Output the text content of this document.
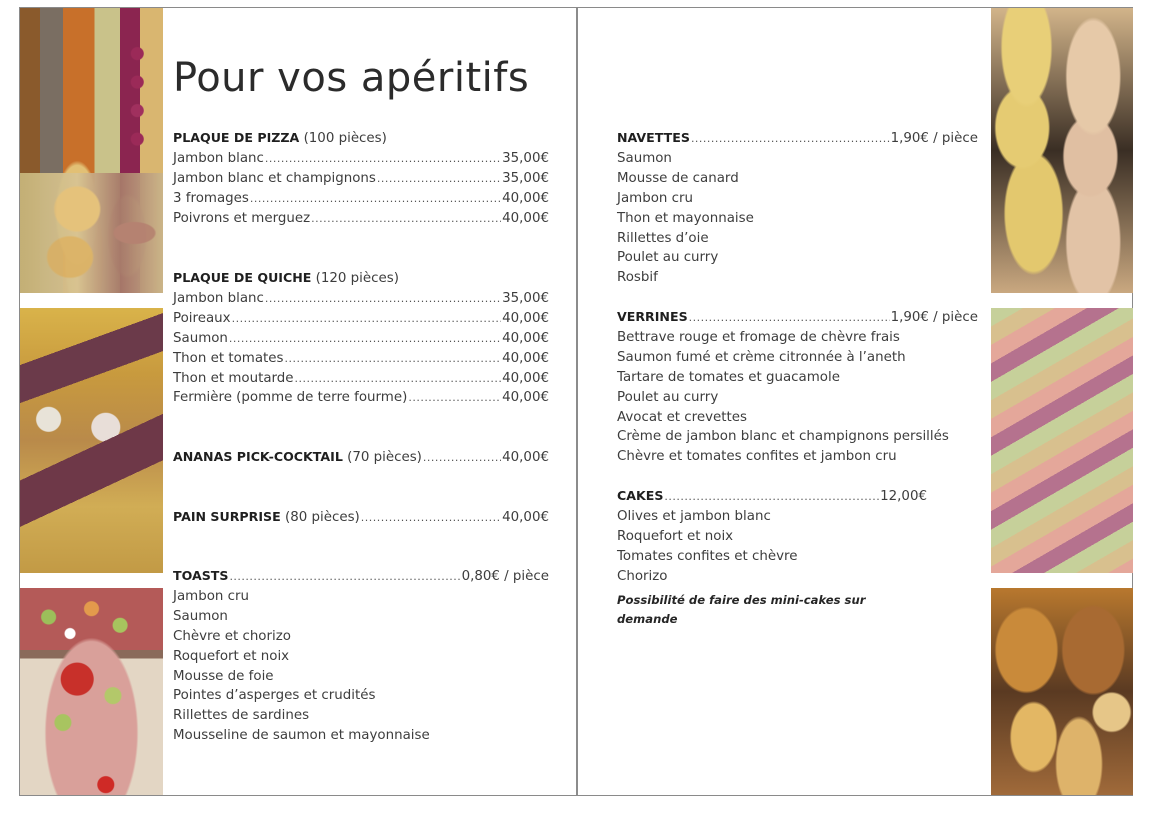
Pour vos apéritifs
PLAQUE DE PIZZA (100 pièces)
Jambon blanc .....	35,00€
Jambon blanc et champignons .....	35,00€
3 fromages .....	40,00€
Poivrons et merguez .....	40,00€
PLAQUE DE QUICHE (120 pièces)
Jambon blanc .....	35,00€
Poireaux .....	40,00€
Saumon .....	40,00€
Thon et tomates .....	40,00€
Thon et moutarde .....	40,00€
Fermière (pomme de terre fourme) .....	40,00€
ANANAS PICK-COCKTAIL (70 pièces) .....	40,00€
PAIN SURPRISE (80 pièces) .....	40,00€
TOASTS .....	0,80€ / pièce
Jambon cru
Saumon
Chèvre et chorizo
Roquefort et noix
Mousse de foie
Pointes d’asperges et crudités
Rillettes de sardines
Mousseline de saumon et mayonnaise
NAVETTES .....	1,90€ / pièce
Saumon
Mousse de canard
Jambon cru
Thon et mayonnaise
Rillettes d’oie
Poulet au curry
Rosbif
VERRINES .....	1,90€ / pièce
Bettrave rouge et fromage de chèvre frais
Saumon fumé et crème citronnée à l’aneth
Tartare de tomates et guacamole
Poulet au curry
Avocat et crevettes
Crème de jambon blanc et champignons persillés
Chèvre et tomates confites et jambon cru
CAKES .....	12,00€
Olives et jambon blanc
Roquefort et noix
Tomates confites et chèvre
Chorizo
Possibilité de faire des mini-cakes sur demande
